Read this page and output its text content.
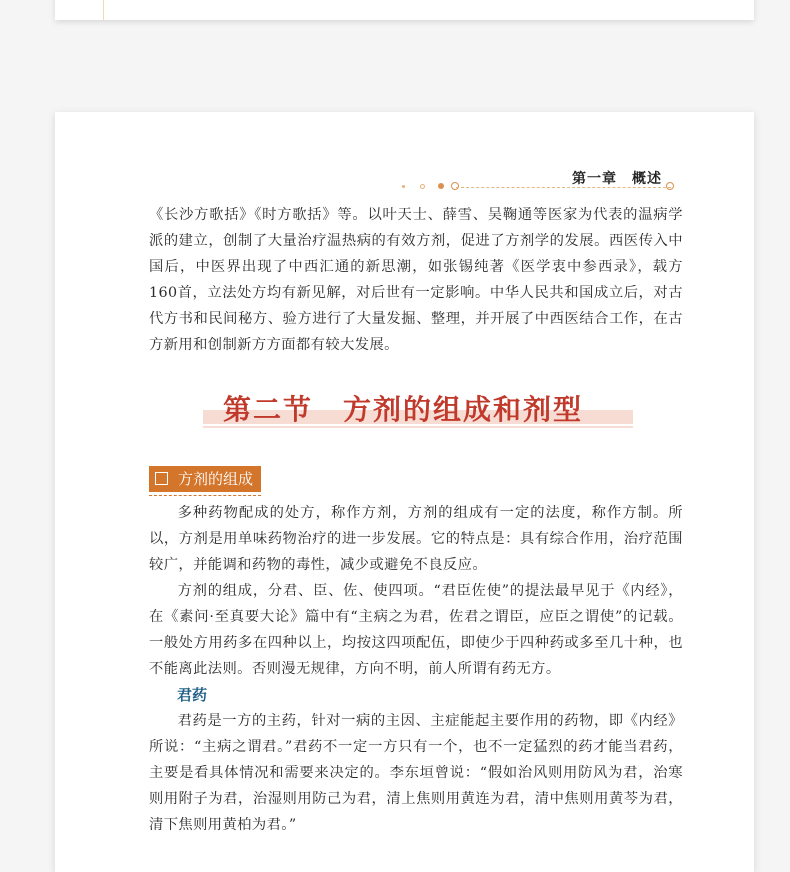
第一章　概述

《长沙方歌括》《时方歌括》等。以叶天士、薛雪、吴鞠通等医家为代表的温病学派的建立，创制了大量治疗温热病的有效方剂，促进了方剂学的发展。西医传入中国后，中医界出现了中西汇通的新思潮，如张锡纯著《医学衷中参西录》，载方160首，立法处方均有新见解，对后世有一定影响。中华人民共和国成立后，对古代方书和民间秘方、验方进行了大量发掘、整理，并开展了中西医结合工作，在古方新用和创制新方方面都有较大发展。

第二节　方剂的组成和剂型
方剂的组成

多种药物配成的处方，称作方剂，方剂的组成有一定的法度，称作方制。所以，方剂是用单味药物治疗的进一步发展。它的特点是：具有综合作用，治疗范围较广，并能调和药物的毒性，减少或避免不良反应。

方剂的组成，分君、臣、佐、使四项。“君臣佐使”的提法最早见于《内经》，在《素问·至真要大论》篇中有“主病之为君，佐君之谓臣，应臣之谓使”的记载。一般处方用药多在四种以上，均按这四项配伍，即使少于四种药或多至几十种，也不能离此法则。否则漫无规律，方向不明，前人所谓有药无方。

君药

君药是一方的主药，针对一病的主因、主症能起主要作用的药物，即《内经》所说：“主病之谓君。”君药不一定一方只有一个，也不一定猛烈的药才能当君药，主要是看具体情况和需要来决定的。李东垣曾说：“假如治风则用防风为君，治寒则用附子为君，治湿则用防己为君，清上焦则用黄连为君，清中焦则用黄芩为君，清下焦则用黄柏为君。”
